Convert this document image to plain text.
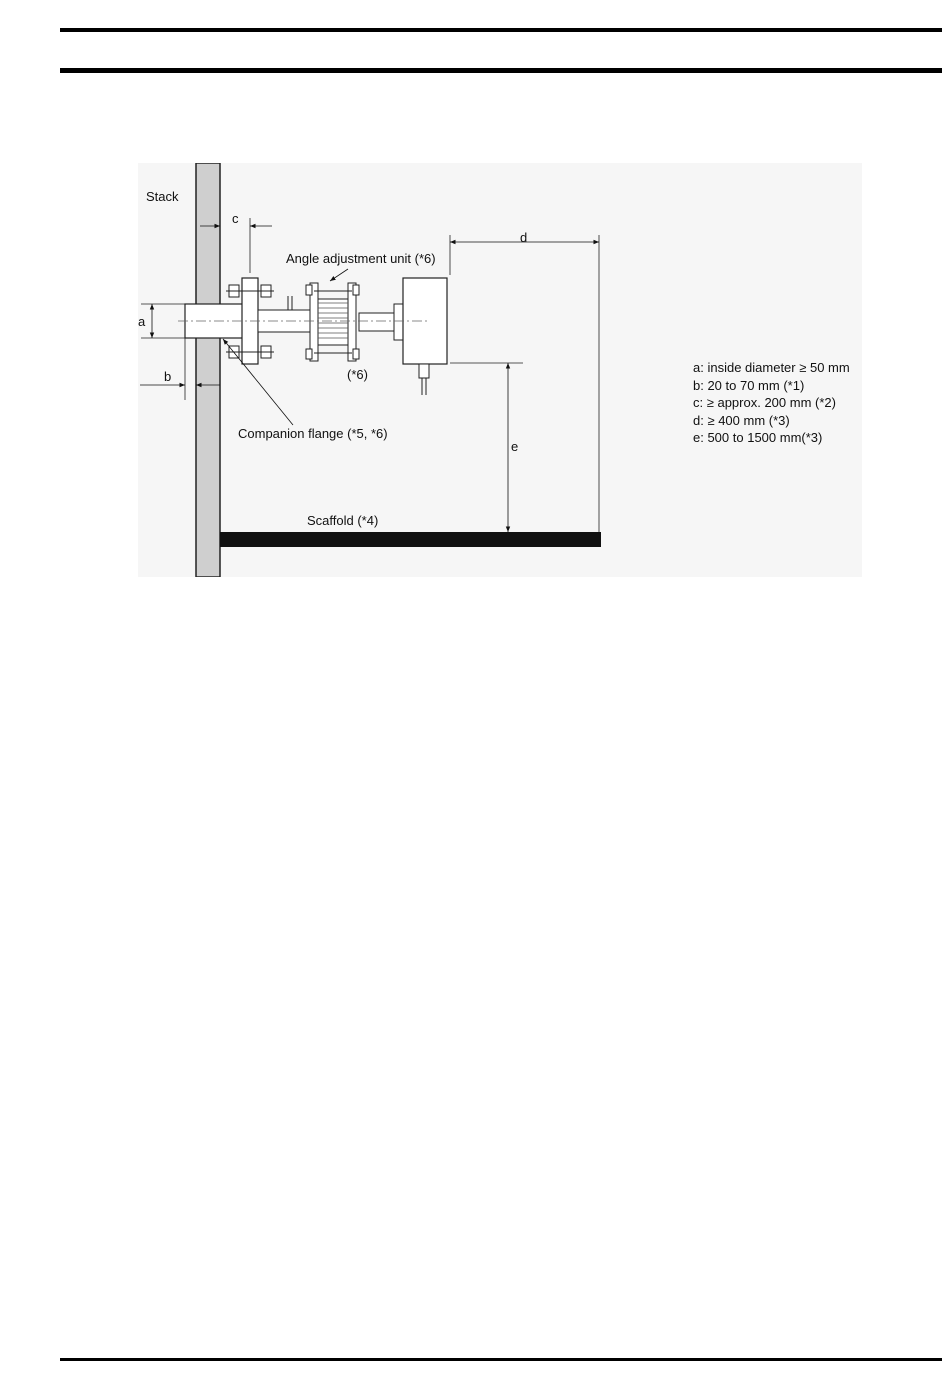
Stack
c
d
Angle adjustment unit (*6)
a
(*6)
b
Companion flange (*5, *6)
e
Scaffold (*4)
a: inside diameter ≥ 50 mm
b: 20 to 70 mm (*1)
c: ≥ approx. 200 mm (*2)
d: ≥ 400 mm (*3)
e: 500 to 1500 mm(*3)
